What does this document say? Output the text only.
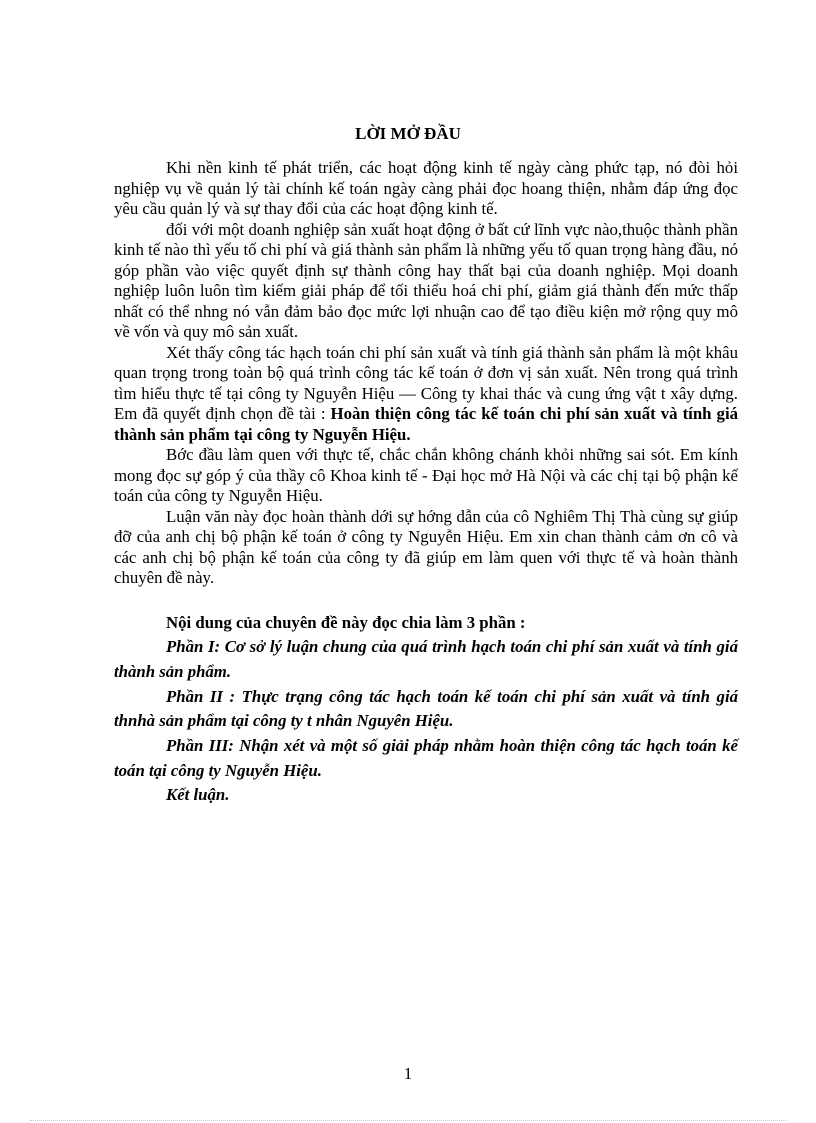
LỜI MỞ ĐẦU

Khi nền kinh tế phát triển, các hoạt động kinh tế ngày càng phức tạp, nó đòi hỏi nghiệp vụ về quản lý tài chính kế toán ngày càng phải đọc hoang thiện, nhằm đáp ứng đọc yêu cầu quản lý và sự thay đổi của các hoạt động kinh tế.

đối với một doanh nghiệp sản xuất hoạt động ở bất cứ lĩnh vực nào,thuộc thành phần kinh tế nào thì yếu tố chi phí và giá thành sản phẩm là những yếu tố quan trọng hàng đầu, nó góp phần vào việc quyết định sự thành công hay thất bại của doanh nghiệp. Mọi doanh nghiệp luôn luôn tìm kiếm giải pháp để tối thiểu hoá chi phí, giảm giá thành đến mức thấp nhất có thể nhng nó vẫn đảm bảo đọc mức lợi nhuận cao để tạo điều kiện mở rộng quy mô về vốn và quy mô sản xuất.

Xét thấy công tác hạch toán chi phí sản xuất và tính giá thành sản phẩm là một khâu quan trọng trong toàn bộ quá trình công tác kế toán ở đơn vị sản xuất. Nên trong quá trình tìm hiểu thực tế tại công ty Nguyễn Hiệu — Công ty khai thác và cung ứng vật t xây dựng. Em đã quyết định chọn đề tài : Hoàn thiện công tác kế toán chi phí sản xuất và tính giá thành sản phẩm tại công ty Nguyễn Hiệu.

Bớc đầu làm quen với thực tế, chắc chắn không chánh khỏi những sai sót. Em kính mong đọc sự góp ý của thầy cô Khoa kinh tế - Đại học mở Hà Nội và các chị tại bộ phận kế toán của công ty Nguyễn Hiệu.

Luận văn này đọc hoàn thành dới sự hớng dẫn của cô Nghiêm Thị Thà cùng sự giúp đỡ của anh chị bộ phận kế toán ở công ty Nguyễn Hiệu. Em xin chan thành cảm ơn cô và các anh chị bộ phận kế toán của công ty đã giúp em làm quen với thực tế và hoàn thành chuyên đề này.

Nội dung của chuyên đề này đọc chia làm 3 phần :

Phần I: Cơ sở lý luận chung của quá trình hạch toán chi phí sản xuất và tính giá thành sản phẩm.

Phần II : Thực trạng công tác hạch toán kế toán chi phí sản xuất và tính giá thnhà sản phẩm tại công ty t nhân Nguyên Hiệu.

Phần III: Nhận xét và một số giải pháp nhằm hoàn thiện công tác hạch toán kế toán tại công ty Nguyễn Hiệu.

Kết luận.

1
